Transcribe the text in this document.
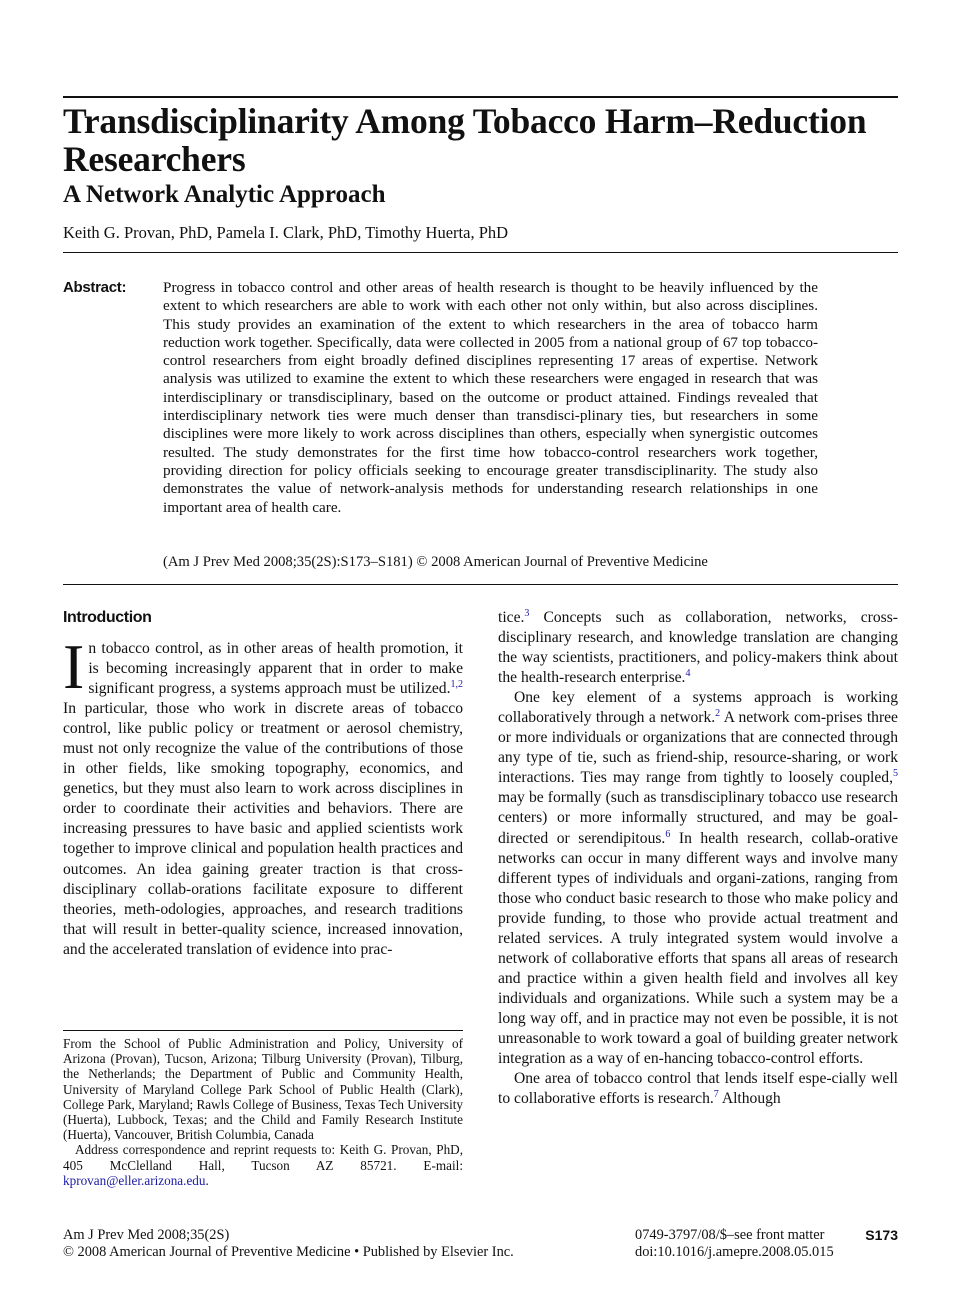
Transdisciplinarity Among Tobacco Harm–Reduction Researchers
A Network Analytic Approach
Keith G. Provan, PhD, Pamela I. Clark, PhD, Timothy Huerta, PhD
Abstract: Progress in tobacco control and other areas of health research is thought to be heavily influenced by the extent to which researchers are able to work with each other not only within, but also across disciplines. This study provides an examination of the extent to which researchers in the area of tobacco harm reduction work together. Specifically, data were collected in 2005 from a national group of 67 top tobacco-control researchers from eight broadly defined disciplines representing 17 areas of expertise. Network analysis was utilized to examine the extent to which these researchers were engaged in research that was interdisciplinary or transdisciplinary, based on the outcome or product attained. Findings revealed that interdisciplinary network ties were much denser than transdisci-plinary ties, but researchers in some disciplines were more likely to work across disciplines than others, especially when synergistic outcomes resulted. The study demonstrates for the first time how tobacco-control researchers work together, providing direction for policy officials seeking to encourage greater transdisciplinarity. The study also demonstrates the value of network-analysis methods for understanding research relationships in one important area of health care.
(Am J Prev Med 2008;35(2S):S173–S181) © 2008 American Journal of Preventive Medicine
Introduction

In tobacco control, as in other areas of health promotion, it is becoming increasingly apparent that in order to make significant progress, a systems approach must be utilized.$^{1,2}$ In particular, those who work in discrete areas of tobacco control, like public policy or treatment or aerosol chemistry, must not only recognize the value of the contributions of those in other fields, like smoking topography, economics, and genetics, but they must also learn to work across disciplines in order to coordinate their activities and behaviors. There are increasing pressures to have basic and applied scientists work together to improve clinical and population health practices and outcomes. An idea gaining greater traction is that cross-disciplinary collab-orations facilitate exposure to different theories, meth-odologies, approaches, and research traditions that will result in better-quality science, increased innovation, and the accelerated translation of evidence into prac-

tice.$^3$ Concepts such as collaboration, networks, cross-disciplinary research, and knowledge translation are changing the way scientists, practitioners, and policy-makers think about the health-research enterprise.$^4$

One key element of a systems approach is working collaboratively through a network.$^2$ A network com-prises three or more individuals or organizations that are connected through any type of tie, such as friend-ship, resource-sharing, or work interactions. Ties may range from tightly to loosely coupled,$^5$ may be formally (such as transdisciplinary tobacco use research centers) or more informally structured, and may be goal-directed or serendipitous.$^6$ In health research, collab-orative networks can occur in many different ways and involve many different types of individuals and organi-zations, ranging from those who conduct basic research to those who make policy and provide funding, to those who provide actual treatment and related services. A truly integrated system would involve a network of collaborative efforts that spans all areas of research and practice within a given health field and involves all key individuals and organizations. While such a system may be a long way off, and in practice may not even be possible, it is not unreasonable to work toward a goal of building greater network integration as a way of en-hancing tobacco-control efforts.

One area of tobacco control that lends itself espe-cially well to collaborative efforts is research.$^7$ Although

From the School of Public Administration and Policy, University of Arizona (Provan), Tucson, Arizona; Tilburg University (Provan), Tilburg, the Netherlands; the Department of Public and Community Health, University of Maryland College Park School of Public Health (Clark), College Park, Maryland; Rawls College of Business, Texas Tech University (Huerta), Lubbock, Texas; and the Child and Family Research Institute (Huerta), Vancouver, British Columbia, Canada

Address correspondence and reprint requests to: Keith G. Provan, PhD, 405 McClelland Hall, Tucson AZ 85721. E-mail: kprovan@eller.arizona.edu.

Am J Prev Med 2008;35(2S)
© 2008 American Journal of Preventive Medicine • Published by Elsevier Inc.
0749-3797/08/$–see front matter	S173
doi:10.1016/j.amepre.2008.05.015
